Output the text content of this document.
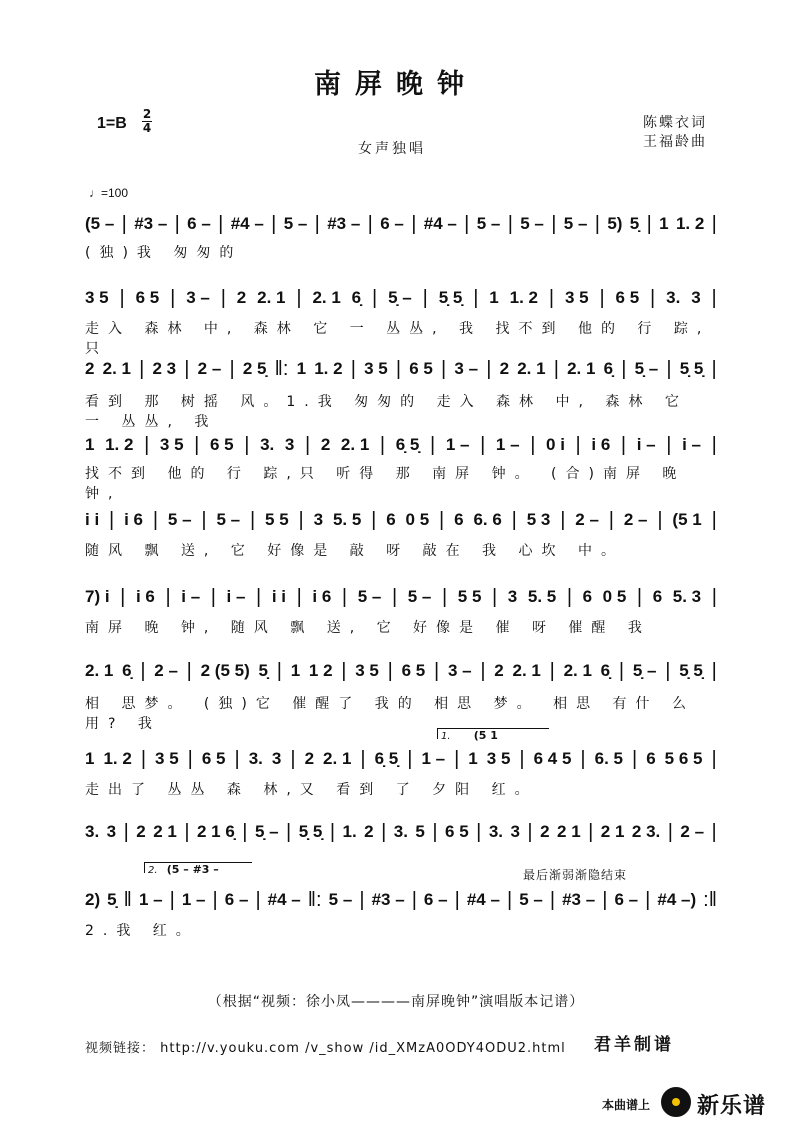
南屏晚钟
1=B
2
4	陈蝶衣词
王福龄曲
女声独唱
♩=100
(5 – | #3 – | 6 – | #4 – | 5 – | #3 – | 6 – | #4 – | 5 – | 5 – | 5 – | 5) 5̣ | 1 1. 2 |
(独)我 匆匆的
3 5 | 6 5 | 3 – | 2 2. 1 | 2. 1 6̣ | 5̣ – | 5̣ 5̣ | 1 1. 2 | 3 5 | 6 5 | 3. 3 |
走入 森林 中, 森林 它 一 丛丛, 我 找不到 他的 行 踪,只
2 2. 1 | 2 3 | 2 – | 2 5̣ ‖: 1 1. 2 | 3 5 | 6 5 | 3 – | 2 2. 1 | 2. 1 6̣ | 5̣ – | 5̣ 5̣ |
看到 那 树摇 风。1.我 匆匆的 走入 森林 中, 森林 它 一 丛丛, 我
1 1. 2 | 3 5 | 6 5 | 3. 3 | 2 2. 1 | 6̣ 5̣ | 1 – | 1 – | 0 i | i 6 | i – | i – |
找不到 他的 行 踪,只 听得 那 南屏 钟。 (合)南屏 晚钟,
i i | i 6 | 5 – | 5 – | 5 5 | 3 5. 5 | 6 0 5 | 6 6. 6 | 5 3 | 2 – | 2 – | (5 1 |
随风 飘 送, 它 好像是 敲 呀 敲在 我 心坎 中。
7) i | i 6 | i – | i – | i i | i 6 | 5 – | 5 – | 5 5 | 3 5. 5 | 6 0 5 | 6 5. 3 |
南屏 晚 钟, 随风 飘 送, 它 好像是 催 呀 催醒 我
2. 1 6̣ | 2 – | 2 (5 5) 5̣ | 1 1 2 | 3 5 | 6 5 | 3 – | 2 2. 1 | 2. 1 6̣ | 5̣ – | 5̣ 5̣ |
相 思梦。 (独)它 催醒了 我的 相思 梦。 相思 有什 么 用? 我
1 1. 2 | 3 5 | 6 5 | 3. 3 | 2 2. 1 | 6̣ 5̣ | 1 – | 1 3 5 | 6 4 5 | 6. 5 | 6 5 6 5 |
走出了 丛丛 森 林,又 看到 了 夕阳 红。
3. 3 | 2 2 1 | 2 1 6̣ | 5̣ – | 5̣ 5̣ | 1. 2 | 3. 5 | 6 5 | 3. 3 | 2 2 1 | 2 1 2 3. | 2 – |
2) 5̣ ‖ 1 – | 1 – | 6 – | #4 – ‖: 5 – | #3 – | 6 – | #4 – | 5 – | #3 – | 6 – | #4 –) :‖
2.我 红。
1. (5 1
2. (5 – #3 –	最后渐弱渐隐结束
（根据“视频：徐小凤————南屏晚钟”演唱版本记谱）
视频链接： http://v.youku.com /v_show /id_XMzA0ODY4ODU2.html 君羊制谱
本曲谱上 新乐谱
